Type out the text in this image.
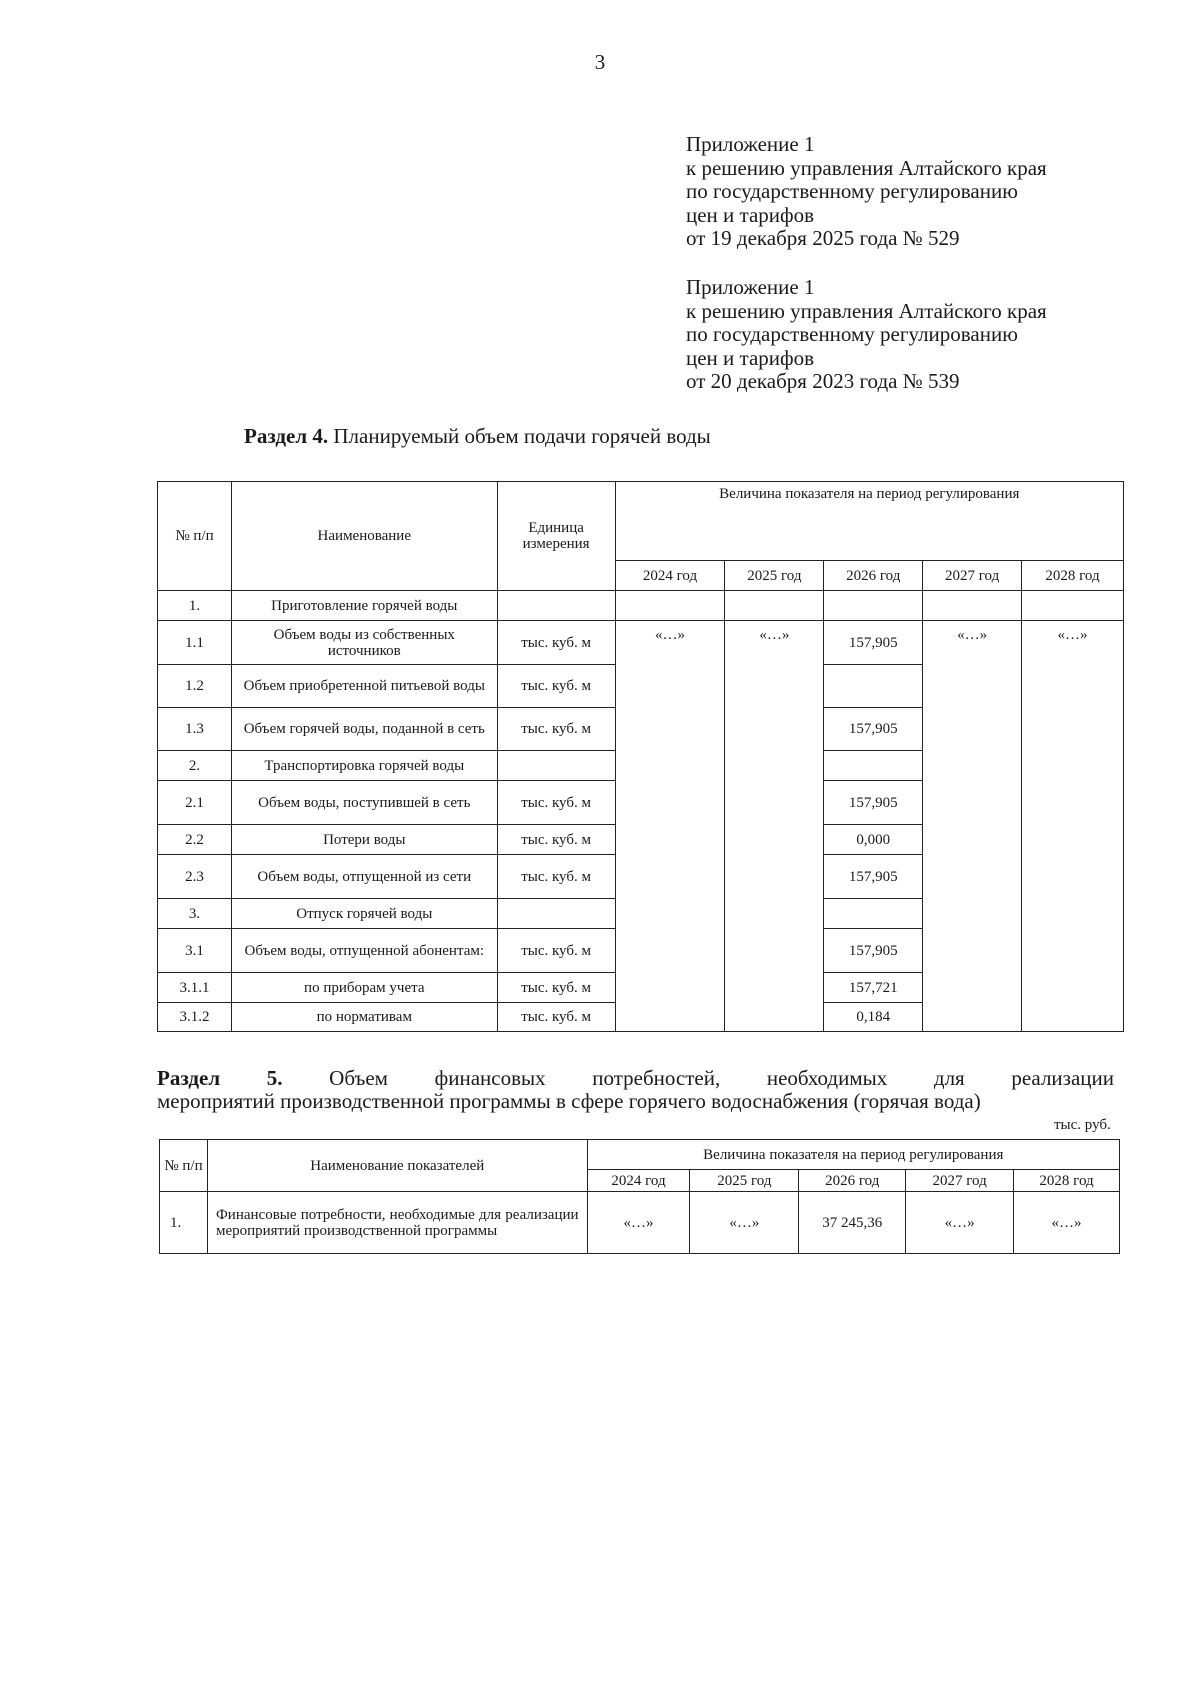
3
Приложение 1
к решению управления Алтайского края
по государственному регулированию
цен и тарифов
от 19 декабря 2025 года № 529
Приложение 1
к решению управления Алтайского края
по государственному регулированию
цен и тарифов
от 20 декабря 2023 года № 539
Раздел 4. Планируемый объем подачи горячей воды
№ п/п	Наименование	Единица измерения	Величина показателя на период регулирования				
			2024 год	2025 год	2026 год	2027 год	2028 год
1.	Приготовление горячей воды						
1.1	Объем воды из собственных источников	тыс. куб. м	«…»	«…»	157,905	«…»	«…»
1.2	Объем приобретенной питьевой воды	тыс. куб. м					
1.3	Объем горячей воды, поданной в сеть	тыс. куб. м			157,905		
2.	Транспортировка горячей воды						
2.1	Объем воды, поступившей в сеть	тыс. куб. м			157,905		
2.2	Потери воды	тыс. куб. м			0,000		
2.3	Объем воды, отпущенной из сети	тыс. куб. м			157,905		
3.	Отпуск горячей воды						
3.1	Объем воды, отпущенной абонентам:	тыс. куб. м			157,905		
3.1.1	по приборам учета	тыс. куб. м			157,721		
3.1.2	по нормативам	тыс. куб. м			0,184		
Раздел 5. Объем финансовых потребностей, необходимых для реализации
мероприятий производственной программы в сфере горячего водоснабжения (горячая вода)
тыс. руб.
№ п/п	Наименование показателей	Величина показателя на период регулирования				
		2024 год	2025 год	2026 год	2027 год	2028 год
1.	Финансовые потребности, необходимые для реализации мероприятий производственной программы	«…»	«…»	37 245,36	«…»	«…»
